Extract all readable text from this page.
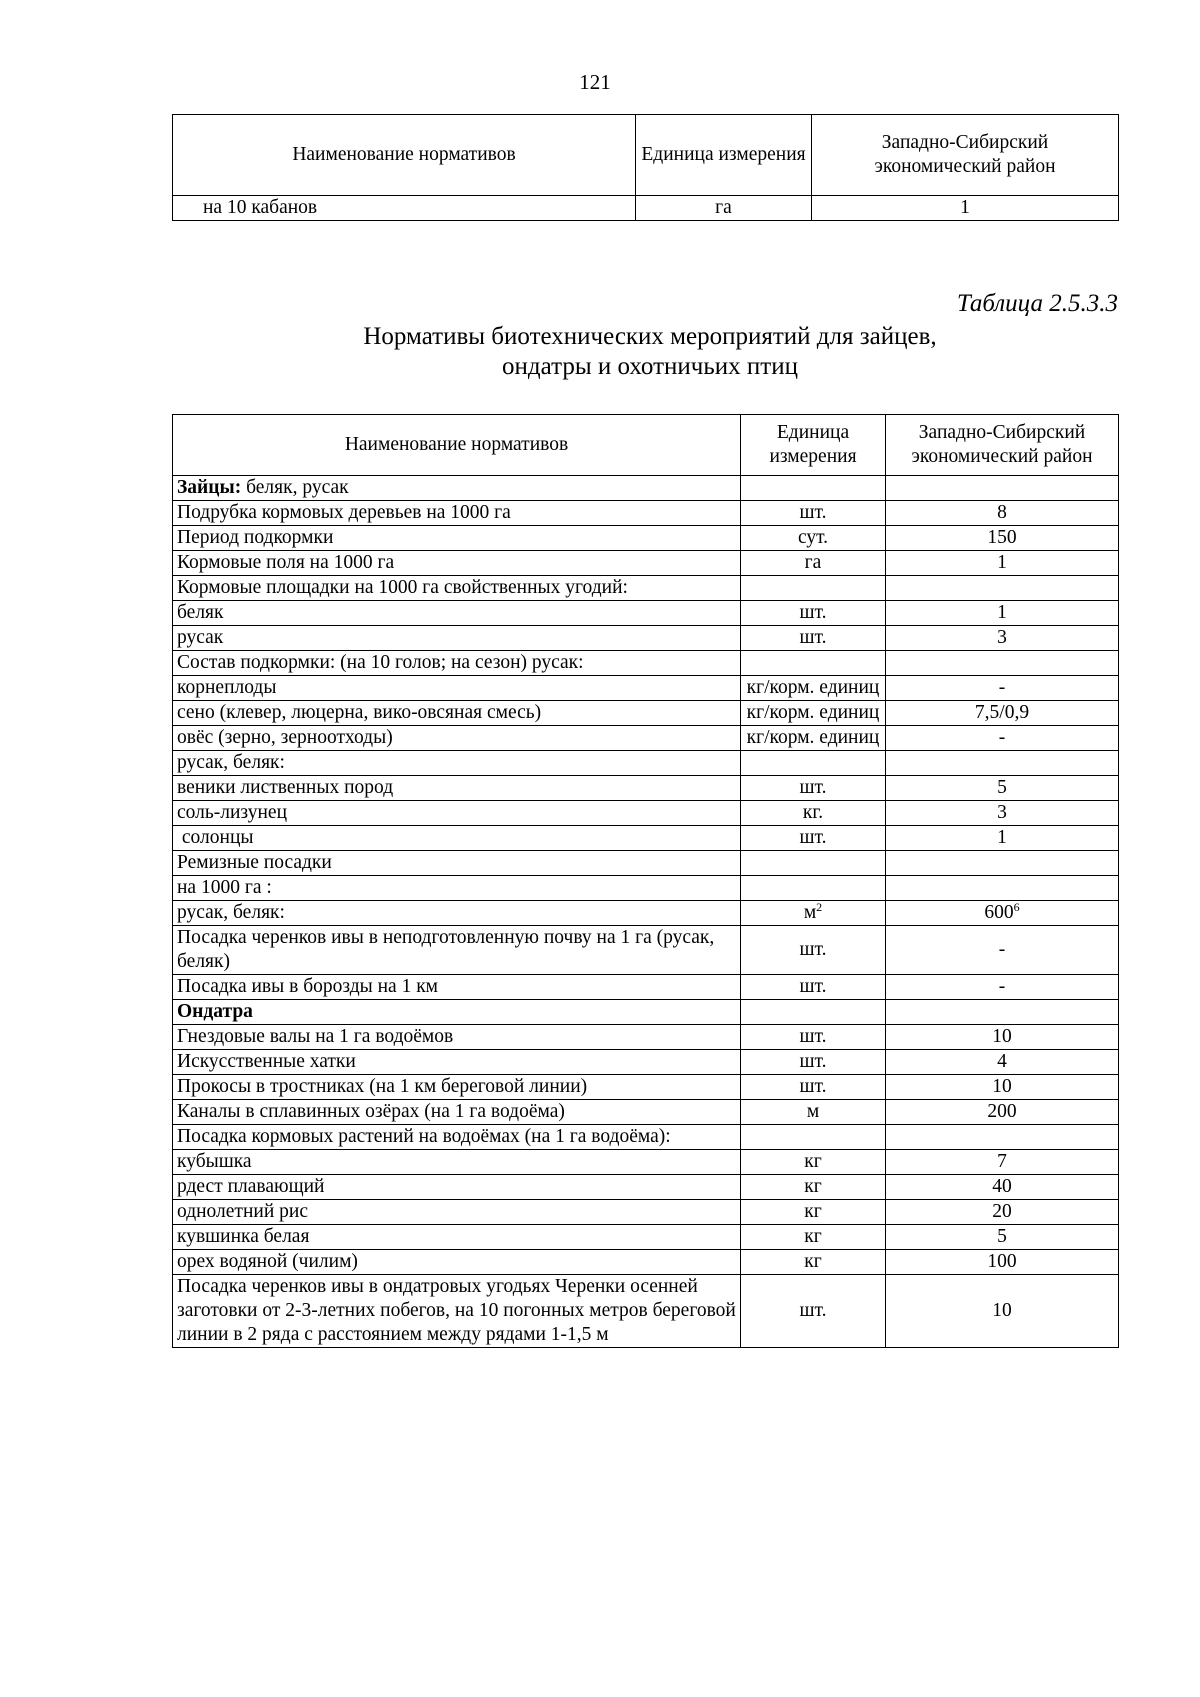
121
Наименование нормативов	Единица измерения	Западно-Сибирский экономический район
на 10 кабанов	га	1
Таблица 2.5.3.3
Нормативы биотехнических мероприятий для зайцев,
ондатры и охотничьих птиц
Наименование нормативов	Единица измерения	Западно-Сибирский экономический район
Зайцы: беляк, русак		
Подрубка кормовых деревьев на 1000 га	шт.	8
Период подкормки	сут.	150
Кормовые поля на 1000 га	га	1
Кормовые площадки на 1000 га свойственных угодий:		
беляк	шт.	1
русак	шт.	3
Состав подкормки: (на 10 голов; на сезон) русак:		
корнеплоды	кг/корм. единиц	-
сено (клевер, люцерна, вико-овсяная смесь)	кг/корм. единиц	7,5/0,9
овёс (зерно, зерноотходы)	кг/корм. единиц	-
русак, беляк:		
веники лиственных пород	шт.	5
соль-лизунец	кг.	3
солонцы	шт.	1
Ремизные посадки		
на 1000 га :		
русак, беляк:	$м^2$	$600^6$
Посадка черенков ивы в неподготовленную почву на 1 га (русак, беляк)	шт.	-
Посадка ивы в борозды на 1 км	шт.	-
Ондатра		
Гнездовые валы на 1 га водоёмов	шт.	10
Искусственные хатки	шт.	4
Прокосы в тростниках (на 1 км береговой линии)	шт.	10
Каналы в сплавинных озёрах (на 1 га водоёма)	м	200
Посадка кормовых растений на водоёмах (на 1 га водоёма):		
кубышка	кг	7
рдест плавающий	кг	40
однолетний рис	кг	20
кувшинка белая	кг	5
орех водяной (чилим)	кг	100
Посадка черенков ивы в ондатровых угодьях Черенки осенней заготовки от 2-3-летних побегов, на 10 погонных метров береговой линии в 2 ряда с расстоянием между рядами 1-1,5 м	шт.	10
